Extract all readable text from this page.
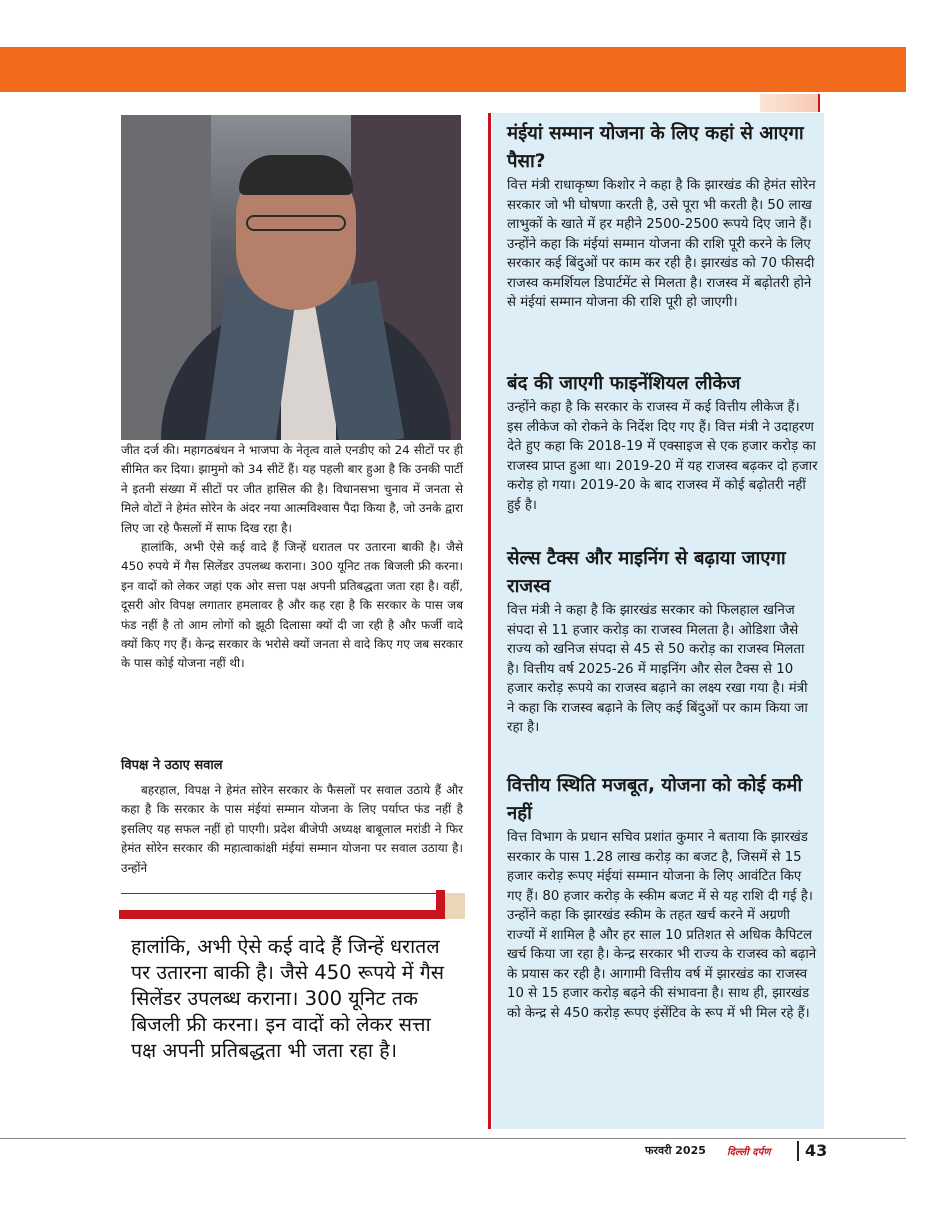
जीत दर्ज की। महागठबंधन ने भाजपा के नेतृत्व वाले एनडीए को 24 सीटों पर ही सीमित कर दिया। झामुमो को 34 सीटें हैं। यह पहली बार हुआ है कि उनकी पार्टी ने इतनी संख्या में सीटों पर जीत हासिल की है। विधानसभा चुनाव में जनता से मिले वोटों ने हेमंत सोरेन के अंदर नया आत्मविश्वास पैदा किया है, जो उनके द्वारा लिए जा रहे फैसलों में साफ दिख रहा है।

हालांकि, अभी ऐसे कई वादे हैं जिन्हें धरातल पर उतारना बाकी है। जैसे 450 रुपये में गैस सिलेंडर उपलब्ध कराना। 300 यूनिट तक बिजली फ्री करना। इन वादों को लेकर जहां एक ओर सत्ता पक्ष अपनी प्रतिबद्धता जता रहा है। वहीं, दूसरी ओर विपक्ष लगातार हमलावर है और कह रहा है कि सरकार के पास जब फंड नहीं है तो आम लोगों को झूठी दिलासा क्यों दी जा रही है और फर्जी वादे क्यों किए गए हैं। केन्द्र सरकार के भरोसे क्यों जनता से वादे किए गए जब सरकार के पास कोई योजना नहीं थी।

विपक्ष ने उठाए सवाल

बहरहाल, विपक्ष ने हेमंत सोरेन सरकार के फैसलों पर सवाल उठाये हैं और कहा है कि सरकार के पास मंईयां सम्मान योजना के लिए पर्याप्त फंड नहीं है इसलिए यह सफल नहीं हो पाएगी। प्रदेश बीजेपी अध्यक्ष बाबूलाल मरांडी ने फिर हेमंत सोरेन सरकार की महात्वाकांक्षी मंईयां सम्मान योजना पर सवाल उठाया है। उन्होंने

हालांकि, अभी ऐसे कई वादे हैं जिन्हें धरातल पर उतारना बाकी है। जैसे 450 रूपये में गैस सिलेंडर उपलब्ध कराना। 300 यूनिट तक बिजली फ्री करना। इन वादों को लेकर सत्ता पक्ष अपनी प्रतिबद्धता भी जता रहा है।
मंईयां सम्मान योजना के लिए कहां से आएगा पैसा?

वित्त मंत्री राधाकृष्ण किशोर ने कहा है कि झारखंड की हेमंत सोरेन सरकार जो भी घोषणा करती है, उसे पूरा भी करती है। 50 लाख लाभुकों के खाते में हर महीने 2500-2500 रूपये दिए जाने हैं। उन्होंने कहा कि मंईयां सम्मान योजना की राशि पूरी करने के लिए सरकार कई बिंदुओं पर काम कर रही है। झारखंड को 70 फीसदी राजस्व कमर्शियल डिपार्टमेंट से मिलता है। राजस्व में बढ़ोतरी होने से मंईयां सम्मान योजना की राशि पूरी हो जाएगी।

बंद की जाएगी फाइनेंशियल लीकेज

उन्होंने कहा है कि सरकार के राजस्व में कई वित्तीय लीकेज हैं। इस लीकेज को रोकने के निर्देश दिए गए हैं। वित्त मंत्री ने उदाहरण देते हुए कहा कि 2018-19 में एक्साइज से एक हजार करोड़ का राजस्व प्राप्त हुआ था। 2019-20 में यह राजस्व बढ़कर दो हजार करोड़ हो गया। 2019-20 के बाद राजस्व में कोई बढ़ोतरी नहीं हुई है।

सेल्स टैक्स और माइनिंग से बढ़ाया जाएगा राजस्व

वित्त मंत्री ने कहा है कि झारखंड सरकार को फिलहाल खनिज संपदा से 11 हजार करोड़ का राजस्व मिलता है। ओडिशा जैसे राज्य को खनिज संपदा से 45 से 50 करोड़ का राजस्व मिलता है। वित्तीय वर्ष 2025-26 में माइनिंग और सेल टैक्स से 10 हजार करोड़ रूपये का राजस्व बढ़ाने का लक्ष्य रखा गया है। मंत्री ने कहा कि राजस्व बढ़ाने के लिए कई बिंदुओं पर काम किया जा रहा है।

वित्तीय स्थिति मजबूत, योजना को कोई कमी नहीं

वित्त विभाग के प्रधान सचिव प्रशांत कुमार ने बताया कि झारखंड सरकार के पास 1.28 लाख करोड़ का बजट है, जिसमें से 15 हजार करोड़ रूपए मंईयां सम्मान योजना के लिए आवंटित किए गए हैं। 80 हजार करोड़ के स्कीम बजट में से यह राशि दी गई है। उन्होंने कहा कि झारखंड स्कीम के तहत खर्च करने में अग्रणी राज्यों में शामिल है और हर साल 10 प्रतिशत से अधिक कैपिटल खर्च किया जा रहा है। केन्द्र सरकार भी राज्य के राजस्व को बढ़ाने के प्रयास कर रही है। आगामी वित्तीय वर्ष में झारखंड का राजस्व 10 से 15 हजार करोड़ बढ़ने की संभावना है। साथ ही, झारखंड को केन्द्र से 450 करोड़ रूपए इंसेंटिव के रूप में भी मिल रहे हैं।

फरवरी 2025 दिल्ली दर्पण 43
